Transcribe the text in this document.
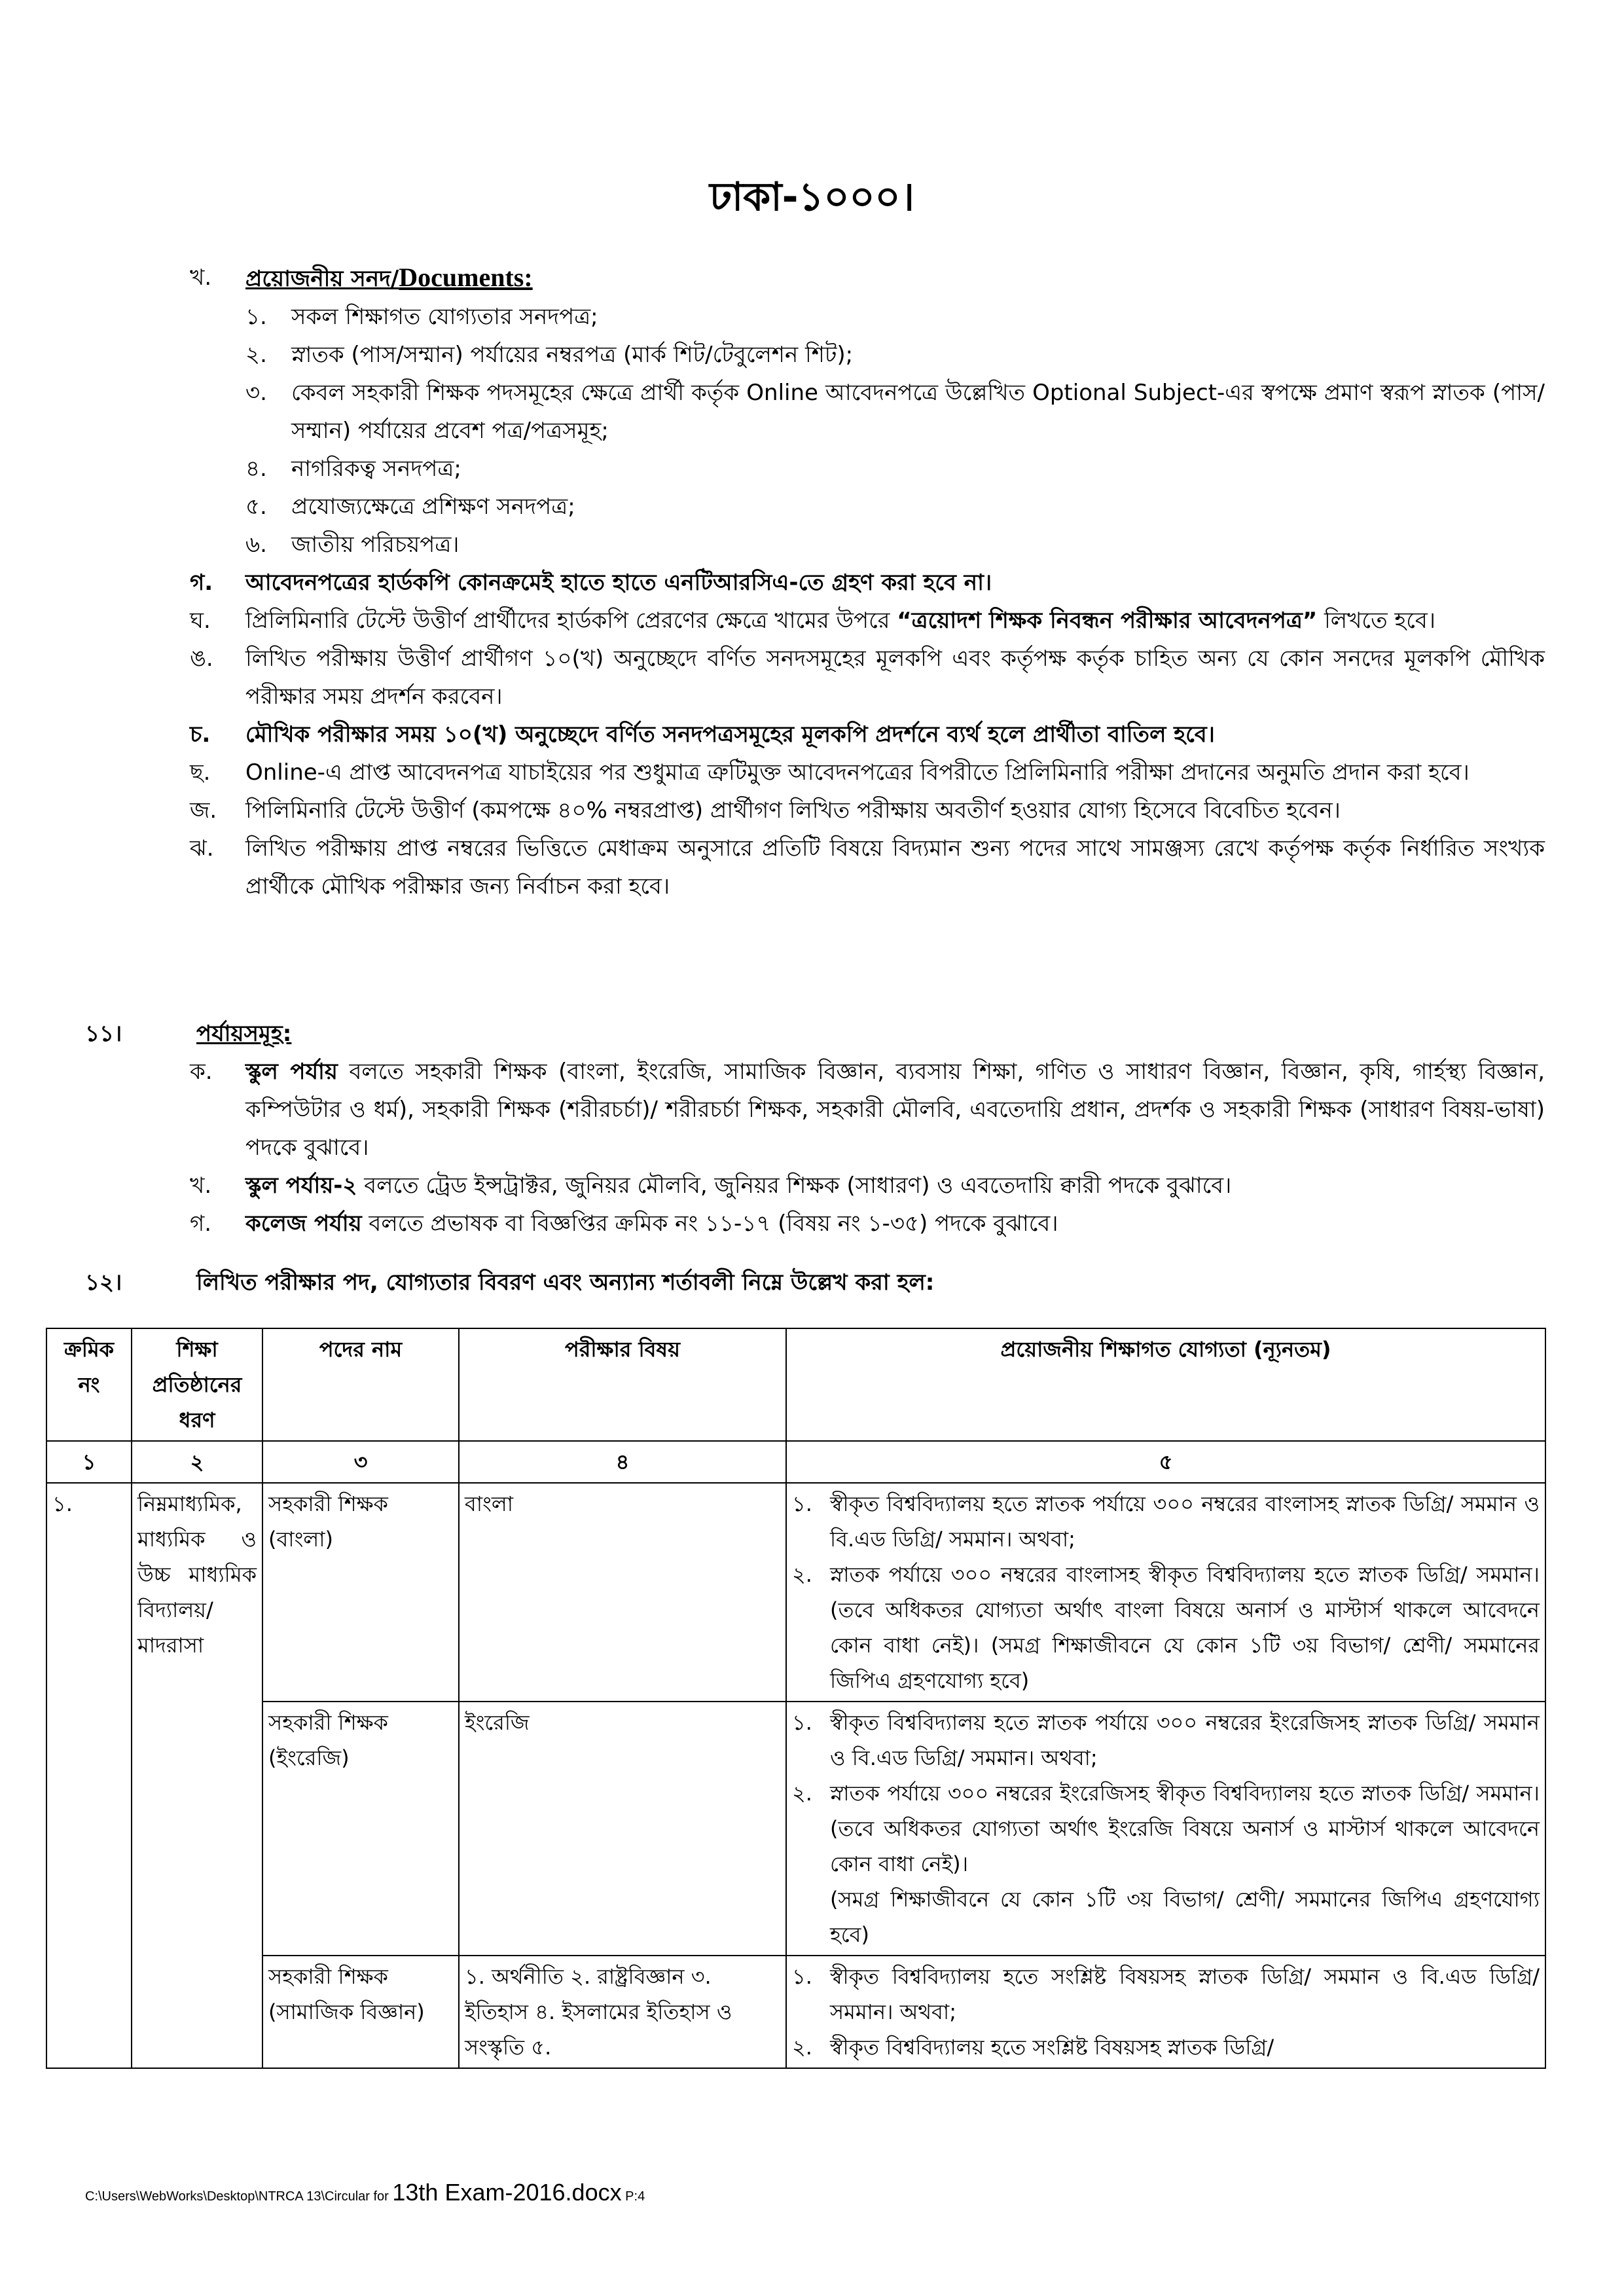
ঢাকা-১০০০।
খ. প্রয়োজনীয় সনদ/Documents:
১. সকল শিক্ষাগত যোগ্যতার সনদপত্র;
২. স্নাতক (পাস/সম্মান) পর্যায়ের নম্বরপত্র (মার্ক শিট/টেবুলেশন শিট);
৩. কেবল সহকারী শিক্ষক পদসমূহের ক্ষেত্রে প্রার্থী কর্তৃক Online আবেদনপত্রে উল্লেখিত Optional Subject-এর স্বপক্ষে প্রমাণ স্বরূপ স্নাতক (পাস/সম্মান) পর্যায়ের প্রবেশ পত্র/পত্রসমূহ;
৪. নাগরিকত্ব সনদপত্র;
৫. প্রযোজ্যক্ষেত্রে প্রশিক্ষণ সনদপত্র;
৬. জাতীয় পরিচয়পত্র।
গ. আবেদনপত্রের হার্ডকপি কোনক্রমেই হাতে হাতে এনটিআরসিএ-তে গ্রহণ করা হবে না।
ঘ. প্রিলিমিনারি টেস্টে উত্তীর্ণ প্রার্থীদের হার্ডকপি প্রেরণের ক্ষেত্রে খামের উপরে “ত্রয়োদশ শিক্ষক নিবন্ধন পরীক্ষার আবেদনপত্র” লিখতে হবে।
ঙ. লিখিত পরীক্ষায় উত্তীর্ণ প্রার্থীগণ ১০(খ) অনুচ্ছেদে বর্ণিত সনদসমূহের মূলকপি এবং কর্তৃপক্ষ কর্তৃক চাহিত অন্য যে কোন সনদের মূলকপি মৌখিক পরীক্ষার সময় প্রদর্শন করবেন।
চ. মৌখিক পরীক্ষার সময় ১০(খ) অনুচ্ছেদে বর্ণিত সনদপত্রসমূহের মূলকপি প্রদর্শনে ব্যর্থ হলে প্রার্থীতা বাতিল হবে।
ছ. Online-এ প্রাপ্ত আবেদনপত্র যাচাইয়ের পর শুধুমাত্র ত্রুটিমুক্ত আবেদনপত্রের বিপরীতে প্রিলিমিনারি পরীক্ষা প্রদানের অনুমতি প্রদান করা হবে।
জ. পিলিমিনারি টেস্টে উত্তীর্ণ (কমপক্ষে ৪০% নম্বরপ্রাপ্ত) প্রার্থীগণ লিখিত পরীক্ষায় অবতীর্ণ হওয়ার যোগ্য হিসেবে বিবেচিত হবেন।
ঝ. লিখিত পরীক্ষায় প্রাপ্ত নম্বরের ভিত্তিতে মেধাক্রম অনুসারে প্রতিটি বিষয়ে বিদ্যমান শুন্য পদের সাথে সামঞ্জস্য রেখে কর্তৃপক্ষ কর্তৃক নির্ধারিত সংখ্যক প্রার্থীকে মৌখিক পরীক্ষার জন্য নির্বাচন করা হবে।
১১।	পর্যায়সমূহ:
ক. স্কুল পর্যায় বলতে সহকারী শিক্ষক (বাংলা, ইংরেজি, সামাজিক বিজ্ঞান, ব্যবসায় শিক্ষা, গণিত ও সাধারণ বিজ্ঞান, বিজ্ঞান, কৃষি, গার্হস্থ্য বিজ্ঞান, কম্পিউটার ও ধর্ম), সহকারী শিক্ষক (শরীরচর্চা)/ শরীরচর্চা শিক্ষক, সহকারী মৌলবি, এবতেদায়ি প্রধান, প্রদর্শক ও সহকারী শিক্ষক (সাধারণ বিষয়-ভাষা) পদকে বুঝাবে।
খ. স্কুল পর্যায়-২ বলতে ট্রেড ইন্সট্রাক্টর, জুনিয়র মৌলবি, জুনিয়র শিক্ষক (সাধারণ) ও এবতেদায়ি ক্বারী পদকে বুঝাবে।
গ. কলেজ পর্যায় বলতে প্রভাষক বা বিজ্ঞপ্তির ক্রমিক নং ১১-১৭ (বিষয় নং ১-৩৫) পদকে বুঝাবে।
১২।	লিখিত পরীক্ষার পদ, যোগ্যতার বিবরণ এবং অন্যান্য শর্তাবলী নিম্নে উল্লেখ করা হল:
ক্রমিক নং	শিক্ষা প্রতিষ্ঠানের ধরণ	পদের নাম	পরীক্ষার বিষয়	প্রয়োজনীয় শিক্ষাগত যোগ্যতা (ন্যূনতম)
১	২	৩	৪	৫
১.	নিম্নমাধ্যমিক, মাধ্যমিক ও উচ্চ মাধ্যমিক বিদ্যালয়/ মাদরাসা	সহকারী শিক্ষক (বাংলা)	বাংলা	১. স্বীকৃত বিশ্ববিদ্যালয় হতে স্নাতক পর্যায়ে ৩০০ নম্বরের বাংলাসহ স্নাতক ডিগ্রি/ সমমান ও বি.এড ডিগ্রি/ সমমান। অথবা;
২. স্নাতক পর্যায়ে ৩০০ নম্বরের বাংলাসহ স্বীকৃত বিশ্ববিদ্যালয় হতে স্নাতক ডিগ্রি/ সমমান। (তবে অধিকতর যোগ্যতা অর্থাৎ বাংলা বিষয়ে অনার্স ও মাস্টার্স থাকলে আবেদনে কোন বাধা নেই)। (সমগ্র শিক্ষাজীবনে যে কোন ১টি ৩য় বিভাগ/ শ্রেণী/ সমমানের জিপিএ গ্রহণযোগ্য হবে)

		সহকারী শিক্ষক (ইংরেজি)	ইংরেজি	১. স্বীকৃত বিশ্ববিদ্যালয় হতে স্নাতক পর্যায়ে ৩০০ নম্বরের ইংরেজিসহ স্নাতক ডিগ্রি/ সমমান ও বি.এড ডিগ্রি/ সমমান। অথবা;
২. স্নাতক পর্যায়ে ৩০০ নম্বরের ইংরেজিসহ স্বীকৃত বিশ্ববিদ্যালয় হতে স্নাতক ডিগ্রি/ সমমান। (তবে অধিকতর যোগ্যতা অর্থাৎ ইংরেজি বিষয়ে অনার্স ও মাস্টার্স থাকলে আবেদনে কোন বাধা নেই)।
(সমগ্র শিক্ষাজীবনে যে কোন ১টি ৩য় বিভাগ/ শ্রেণী/ সমমানের জিপিএ গ্রহণযোগ্য হবে)

		সহকারী শিক্ষক (সামাজিক বিজ্ঞান)	১. অর্থনীতি ২. রাষ্ট্রবিজ্ঞান ৩. ইতিহাস ৪. ইসলামের ইতিহাস ও সংস্কৃতি ৫.	১. স্বীকৃত বিশ্ববিদ্যালয় হতে সংশ্লিষ্ট বিষয়সহ স্নাতক ডিগ্রি/ সমমান ও বি.এড ডিগ্রি/ সমমান। অথবা;
২. স্বীকৃত বিশ্ববিদ্যালয় হতে সংশ্লিষ্ট বিষয়সহ স্নাতক ডিগ্রি/
C:\Users\WebWorks\Desktop\NTRCA 13\Circular for 13th Exam-2016.docx P:4
